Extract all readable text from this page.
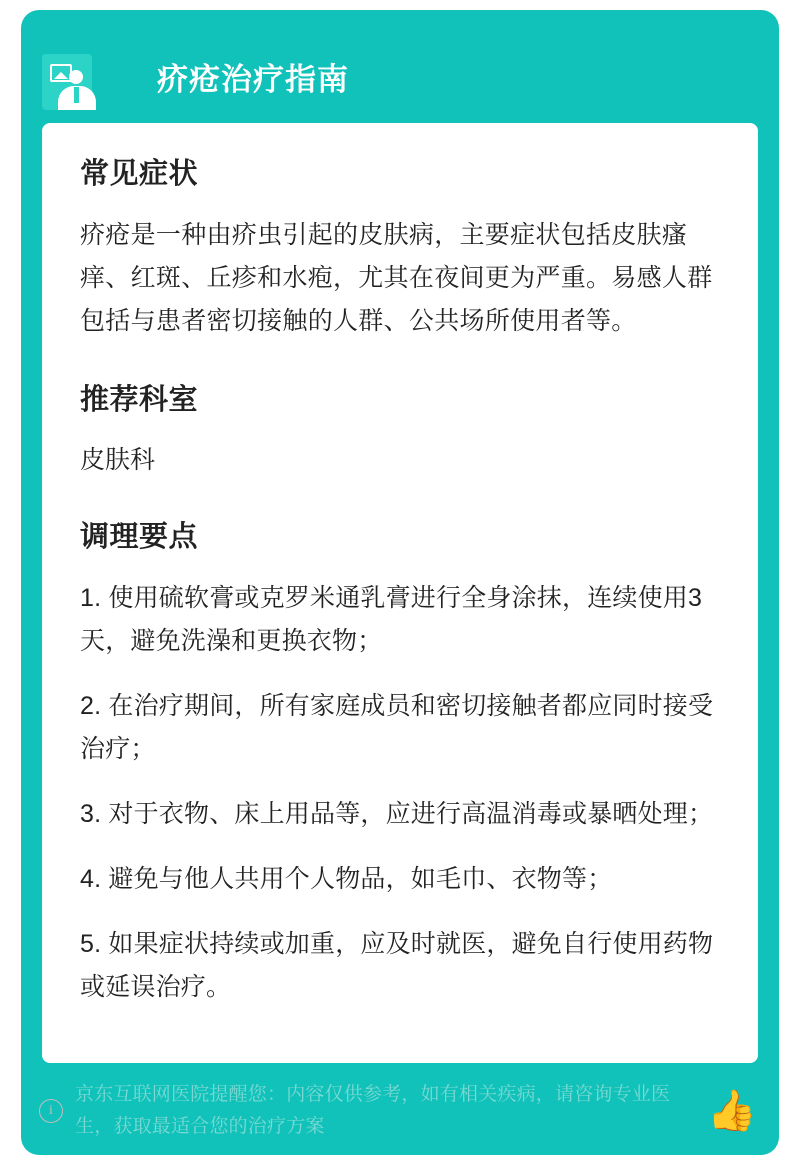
疥疮治疗指南
常见症状

疥疮是一种由疥虫引起的皮肤病，主要症状包括皮肤瘙痒、红斑、丘疹和水疱，尤其在夜间更为严重。易感人群包括与患者密切接触的人群、公共场所使用者等。

推荐科室

皮肤科

调理要点
1. 使用硫软膏或克罗米通乳膏进行全身涂抹，连续使用3天，避免洗澡和更换衣物；
2. 在治疗期间，所有家庭成员和密切接触者都应同时接受治疗；
3. 对于衣物、床上用品等，应进行高温消毒或暴晒处理；
4. 避免与他人共用个人物品，如毛巾、衣物等；
5. 如果症状持续或加重，应及时就医，避免自行使用药物或延误治疗。
i
京东互联网医院提醒您：内容仅供参考，如有相关疾病，请咨询专业医生，获取最适合您的治疗方案	👍
